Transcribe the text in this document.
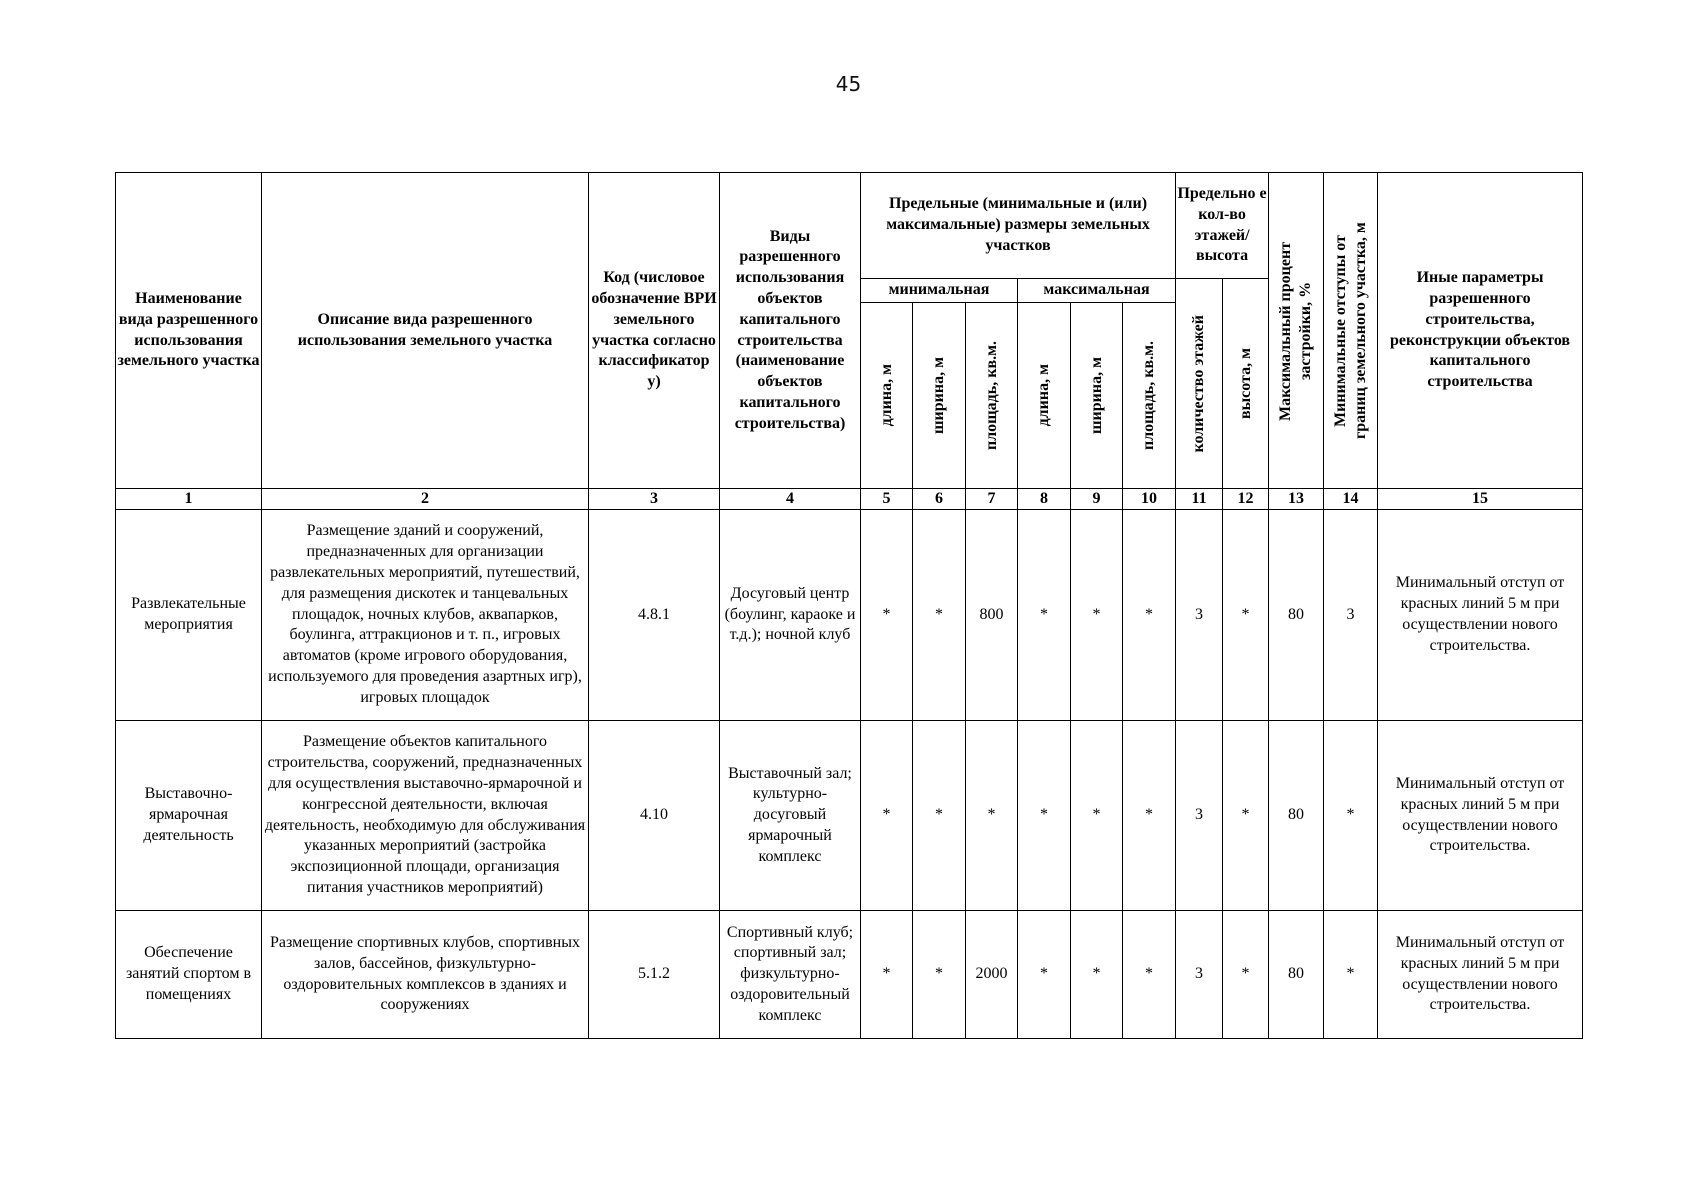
45
Наименование вида разрешенного использования земельного участка	Описание вида разрешенного использования земельного участка	Код (числовое обозначение ВРИ земельного участка согласно классификатор у)	Виды разрешенного использования объектов капитального строительства (наименование объектов капитального строительства)	Предельные (минимальные и (или) максимальные) размеры земельных участков						Предельно е кол-во этажей/ высота		Максимальный процент застройки, %	Минимальные отступы от границ земельного участка, м	Иные параметры разрешенного строительства, реконструкции объектов капитального строительства
				минимальная			максимальная			количество этажей	высота, м			

				длина, м	ширина, м	площадь, кв.м.	длина, м	ширина, м	площадь, кв.м.					

1	2	3	4	5	6	7	8	9	10	11	12	13	14	15
Развлекательные мероприятия	Размещение зданий и сооружений, предназначенных для организации развлекательных мероприятий, путешествий, для размещения дискотек и танцевальных площадок, ночных клубов, аквапарков, боулинга, аттракционов и т. п., игровых автоматов (кроме игрового оборудования, используемого для проведения азартных игр), игровых площадок	4.8.1	Досуговый центр (боулинг, караоке и т.д.); ночной клуб	*	*	800	*	*	*	3	*	80	3	Минимальный отступ от красных линий 5 м при осуществлении нового строительства.
Выставочно-ярмарочная деятельность	Размещение объектов капитального строительства, сооружений, предназначенных для осуществления выставочно-ярмарочной и конгрессной деятельности, включая деятельность, необходимую для обслуживания указанных мероприятий (застройка экспозиционной площади, организация питания участников мероприятий)	4.10	Выставочный зал; культурно-досуговый ярмарочный комплекс	*	*	*	*	*	*	3	*	80	*	Минимальный отступ от красных линий 5 м при осуществлении нового строительства.
Обеспечение занятий спортом в помещениях	Размещение спортивных клубов, спортивных залов, бассейнов, физкультурно-оздоровительных комплексов в зданиях и сооружениях	5.1.2	Спортивный клуб; спортивный зал; физкультурно-оздоровительный комплекс	*	*	2000	*	*	*	3	*	80	*	Минимальный отступ от красных линий 5 м при осуществлении нового строительства.
